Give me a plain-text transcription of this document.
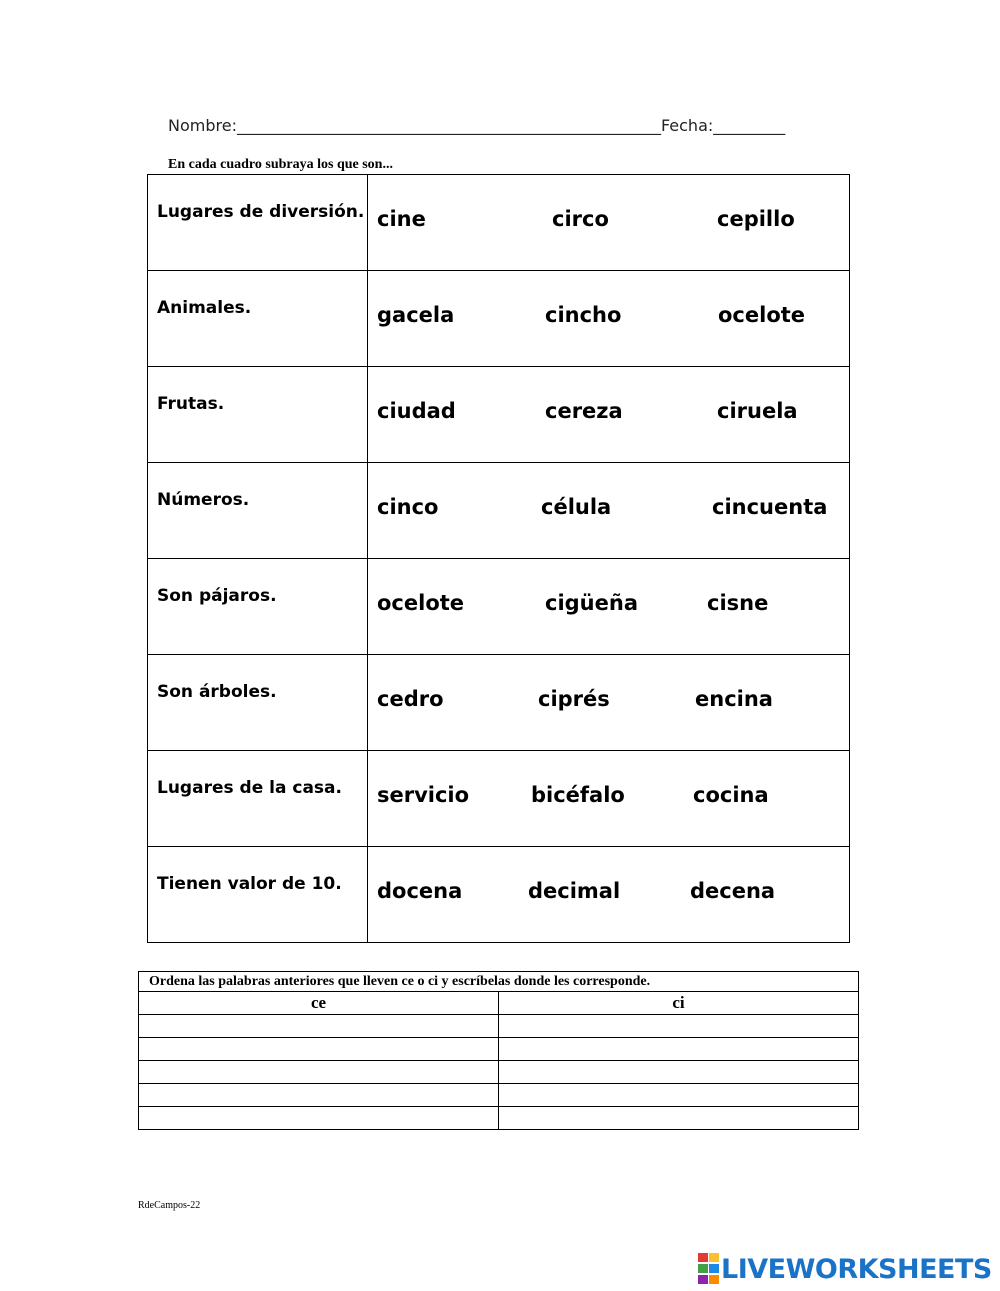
Nombre:_____________________________________________________Fecha:_________
En cada cuadro subraya los que son...
Lugares de diversión.	cine circo cepillo

Animales.	gacela cincho ocelote

Frutas.	ciudad cereza ciruela

Números.	cinco célula cincuenta

Son pájaros.	ocelote cigüeña cisne

Son árboles.	cedro ciprés encina

Lugares de la casa.	servicio bicéfalo cocina

Tienen valor de 10.	docena decimal decena
Ordena las palabras anteriores que lleven ce o ci y escríbelas donde les corresponde.	
ce	ci

RdeCampos-22
LIVEWORKSHEETS
